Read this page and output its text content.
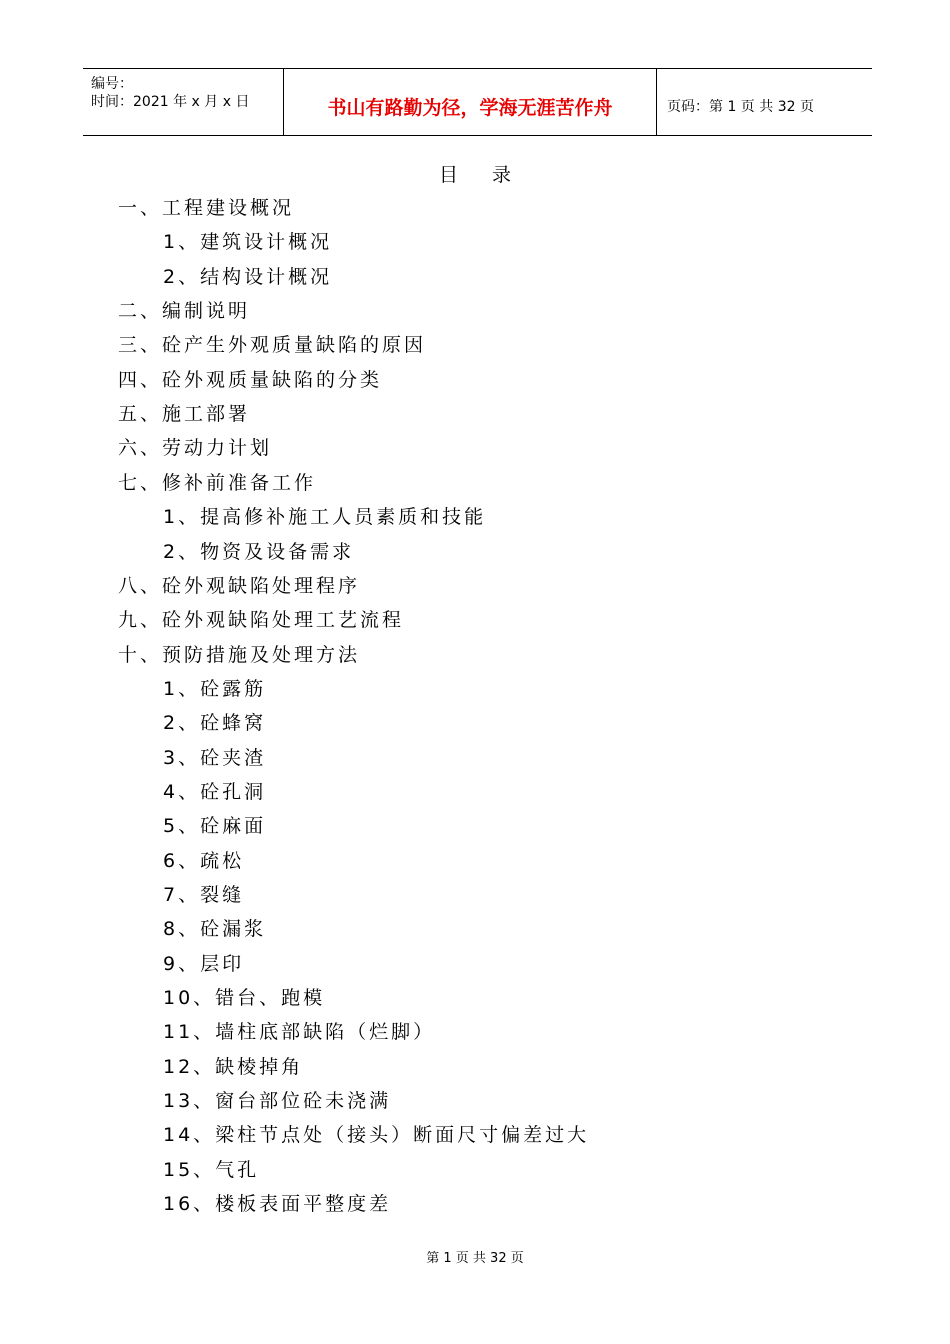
编号：
时间：2021 年 x 月 x 日	书山有路勤为径，学海无涯苦作舟	页码：第 1 页 共 32 页
目录
一、工程建设概况
1、建筑设计概况
2、结构设计概况
二、编制说明
三、砼产生外观质量缺陷的原因
四、砼外观质量缺陷的分类
五、施工部署
六、劳动力计划
七、修补前准备工作
1、提高修补施工人员素质和技能
2、物资及设备需求
八、砼外观缺陷处理程序
九、砼外观缺陷处理工艺流程
十、预防措施及处理方法
1、砼露筋
2、砼蜂窝
3、砼夹渣
4、砼孔洞
5、砼麻面
6、疏松
7、裂缝
8、砼漏浆
9、层印
10、错台、跑模
11、墙柱底部缺陷（烂脚）
12、缺棱掉角
13、窗台部位砼未浇满
14、梁柱节点处（接头）断面尺寸偏差过大
15、气孔
16、楼板表面平整度差
第 1 页 共 32 页
